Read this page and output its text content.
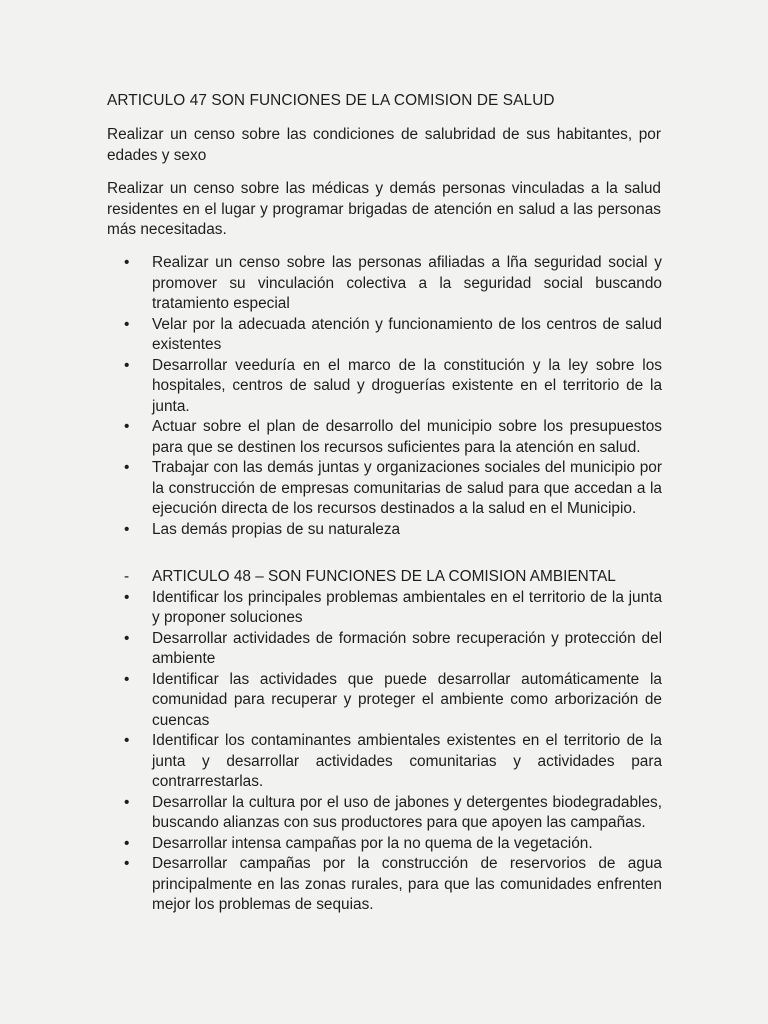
ARTICULO 47 SON FUNCIONES DE LA COMISION DE SALUD
Realizar un censo sobre las condiciones de salubridad de sus habitantes, por edades y sexo
Realizar un censo sobre las médicas y demás personas vinculadas a la salud residentes en el lugar y programar brigadas de atención en salud a las personas más necesitadas.
•	Realizar un censo sobre las personas afiliadas a lña seguridad social y promover su vinculación colectiva a la seguridad social buscando tratamiento especial
•	Velar por la adecuada atención y funcionamiento de los centros de salud existentes
•	Desarrollar veeduría en el marco de la constitución y la ley sobre los hospitales, centros de salud y droguerías existente en el territorio de la junta.
•	Actuar sobre el plan de desarrollo del municipio sobre los presupuestos para que se destinen los recursos suficientes para la atención en salud.
•	Trabajar con las demás juntas y organizaciones sociales del municipio por la construcción de empresas comunitarias de salud para que accedan a la ejecución directa de los recursos destinados a la salud en el Municipio.
•	Las demás propias de su naturaleza
-	ARTICULO 48 – SON FUNCIONES DE LA COMISION AMBIENTAL
•	Identificar los principales problemas ambientales en el territorio de la junta y proponer soluciones
•	Desarrollar actividades de formación sobre recuperación y protección del ambiente
•	Identificar las actividades que puede desarrollar automáticamente la comunidad para recuperar y proteger el ambiente como arborización de cuencas
•	Identificar los contaminantes ambientales existentes en el territorio de la junta y desarrollar actividades comunitarias y actividades para contrarrestarlas.
•	Desarrollar la cultura por el uso de jabones y detergentes biodegradables, buscando alianzas con sus productores para que apoyen las campañas.
•	Desarrollar intensa campañas por la no quema de la vegetación.
•	Desarrollar campañas por la construcción de reservorios de agua principalmente en las zonas rurales, para que las comunidades enfrenten mejor los problemas de sequias.
